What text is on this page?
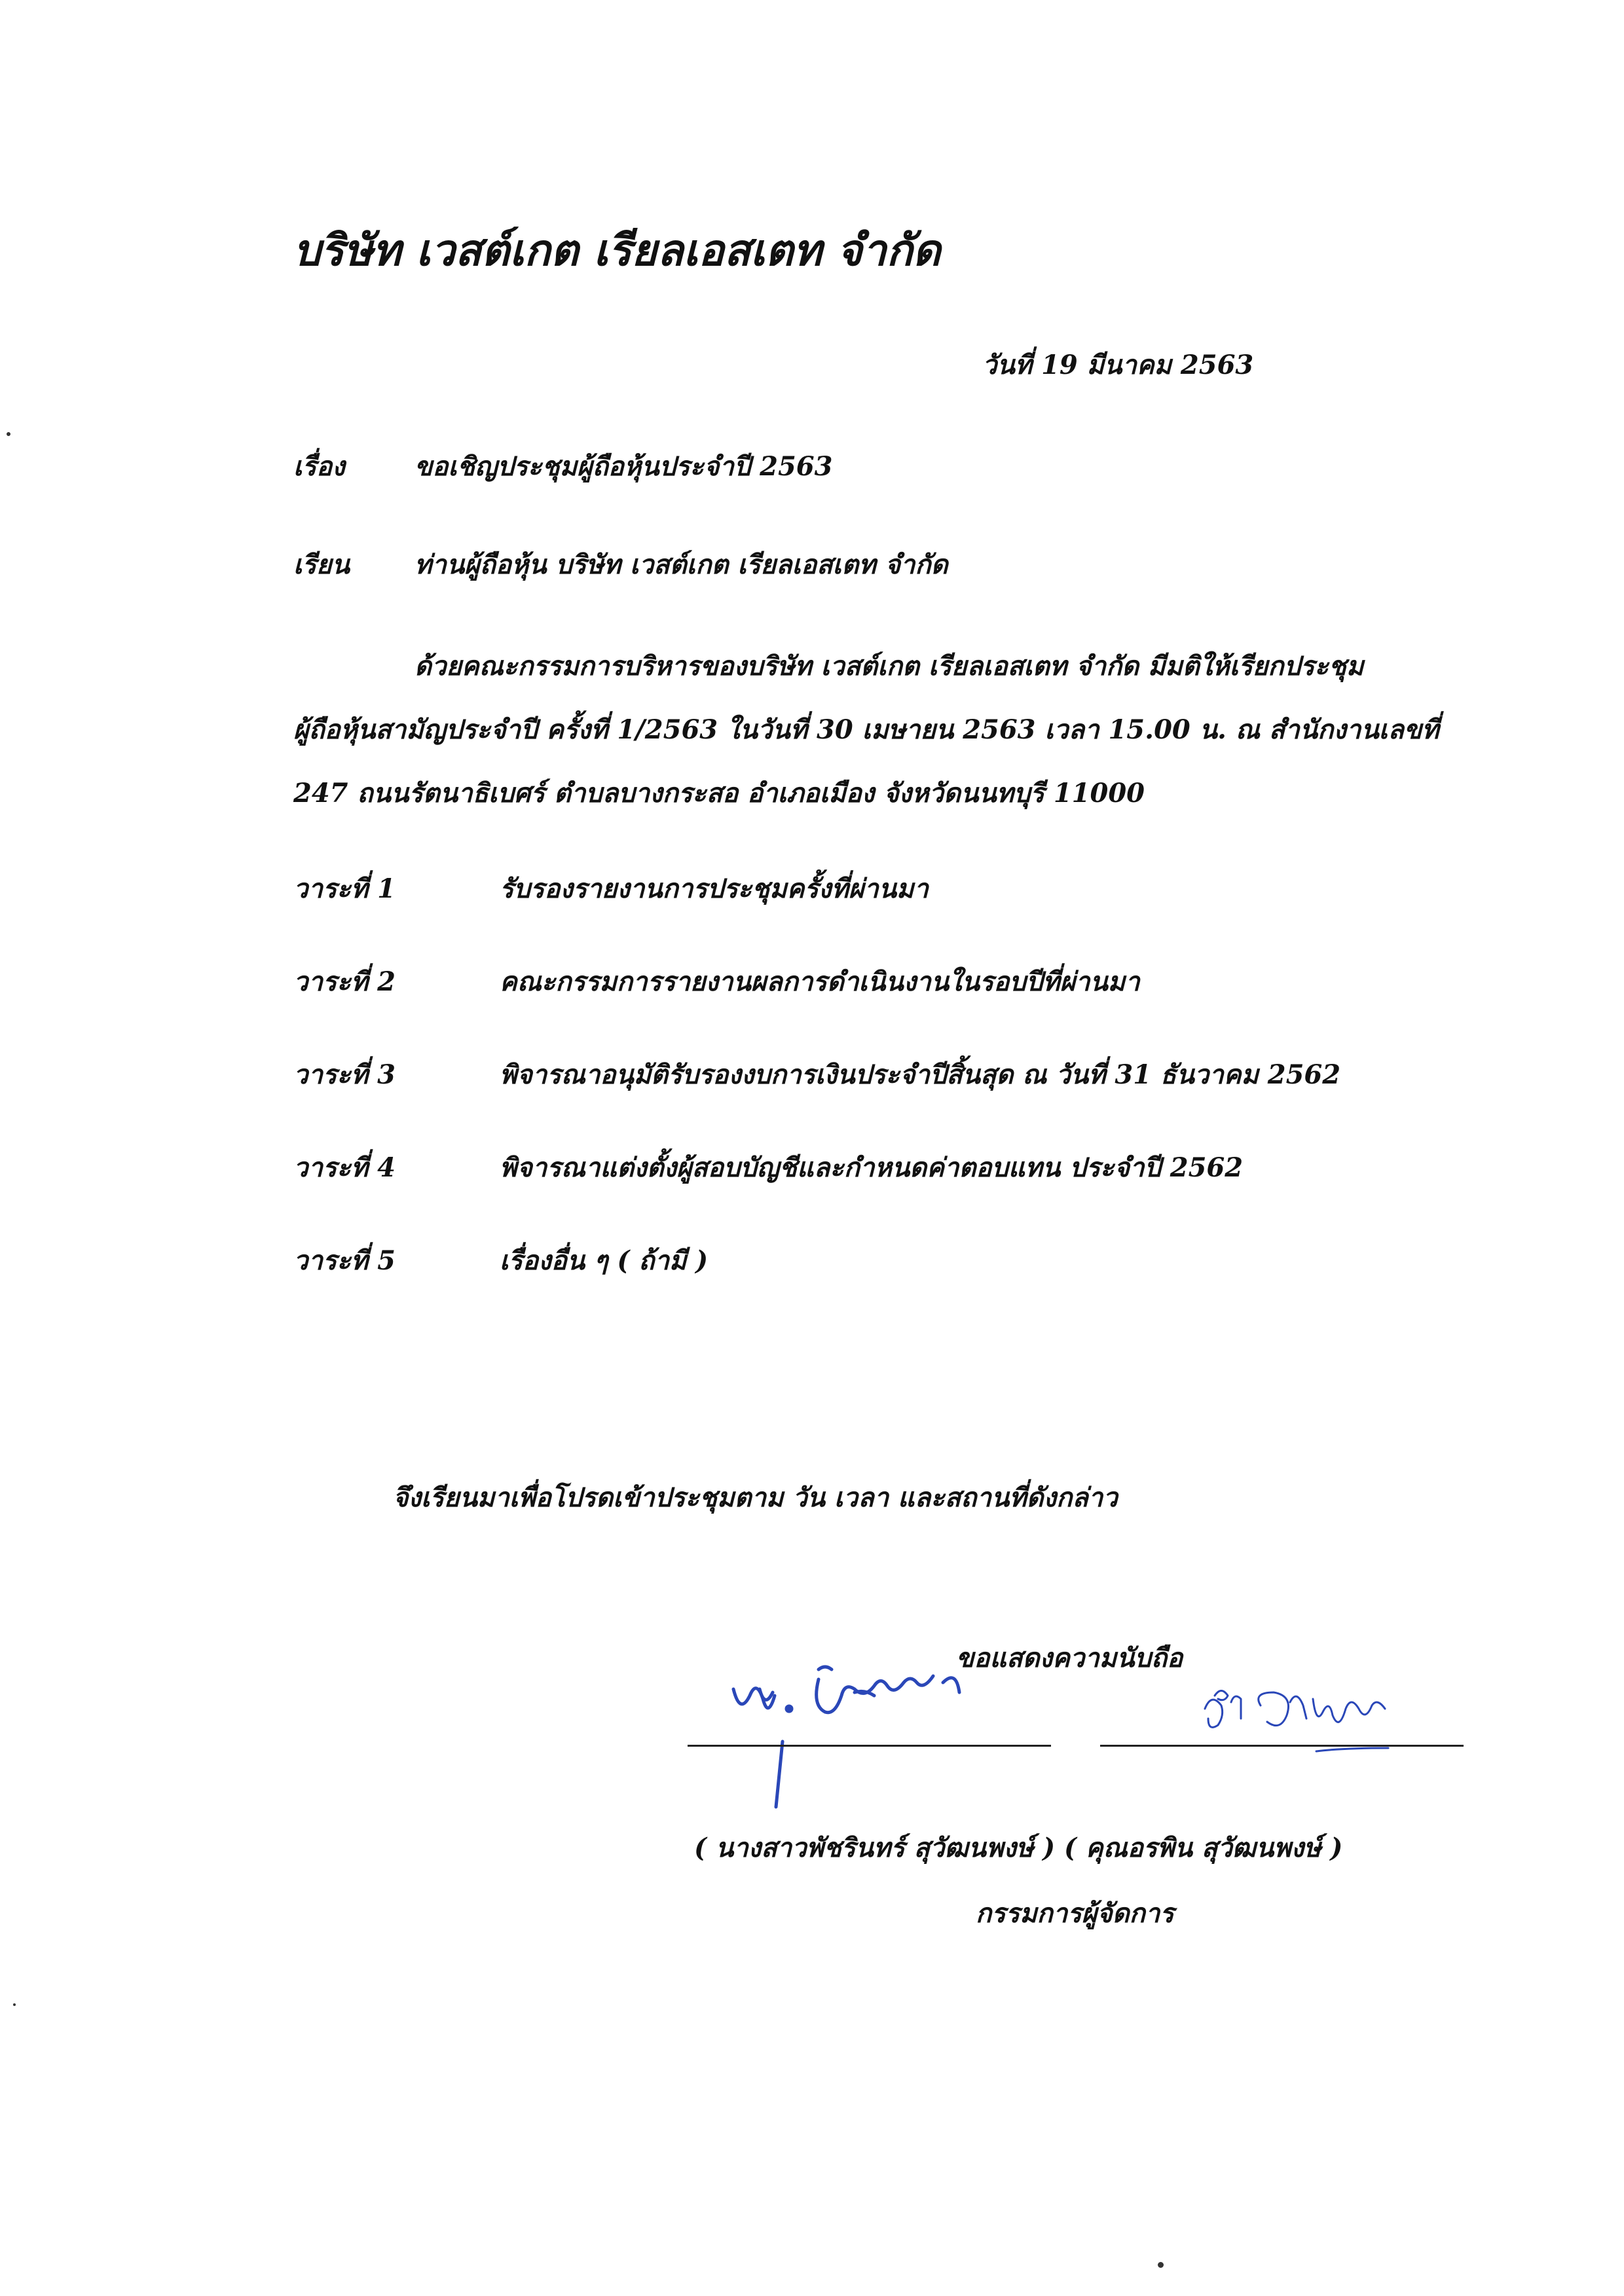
บริษัท เวสต์เกต เรียลเอสเตท จำกัด
วันที่ 19 มีนาคม 2563
เรื่อง	ขอเชิญประชุมผู้ถือหุ้นประจำปี 2563
เรียน ท่านผู้ถือหุ้น บริษัท เวสต์เกต เรียลเอสเตท จำกัด
ด้วยคณะกรรมการบริหารของบริษัท เวสต์เกต เรียลเอสเตท จำกัด มีมติให้เรียกประชุม
ผู้ถือหุ้นสามัญประจำปี ครั้งที่ 1/2563 ในวันที่ 30 เมษายน 2563 เวลา 15.00 น. ณ สำนักงานเลขที่
247 ถนนรัตนาธิเบศร์ ตำบลบางกระสอ อำเภอเมือง จังหวัดนนทบุรี 11000
วาระที่ 1	รับรองรายงานการประชุมครั้งที่ผ่านมา
วาระที่ 2	คณะกรรมการรายงานผลการดำเนินงานในรอบปีที่ผ่านมา
วาระที่ 3	พิจารณาอนุมัติรับรองงบการเงินประจำปีสิ้นสุด ณ วันที่ 31 ธันวาคม 2562
วาระที่ 4	พิจารณาแต่งตั้งผู้สอบบัญชีและกำหนดค่าตอบแทน ประจำปี 2562
วาระที่ 5	เรื่องอื่น ๆ ( ถ้ามี )
จึงเรียนมาเพื่อโปรดเข้าประชุมตาม วัน เวลา และสถานที่ดังกล่าว
ขอแสดงความนับถือ
( นางสาวพัชรินทร์ สุวัฒนพงษ์ ) ( คุณอรพิน สุวัฒนพงษ์ )
กรรมการผู้จัดการ
